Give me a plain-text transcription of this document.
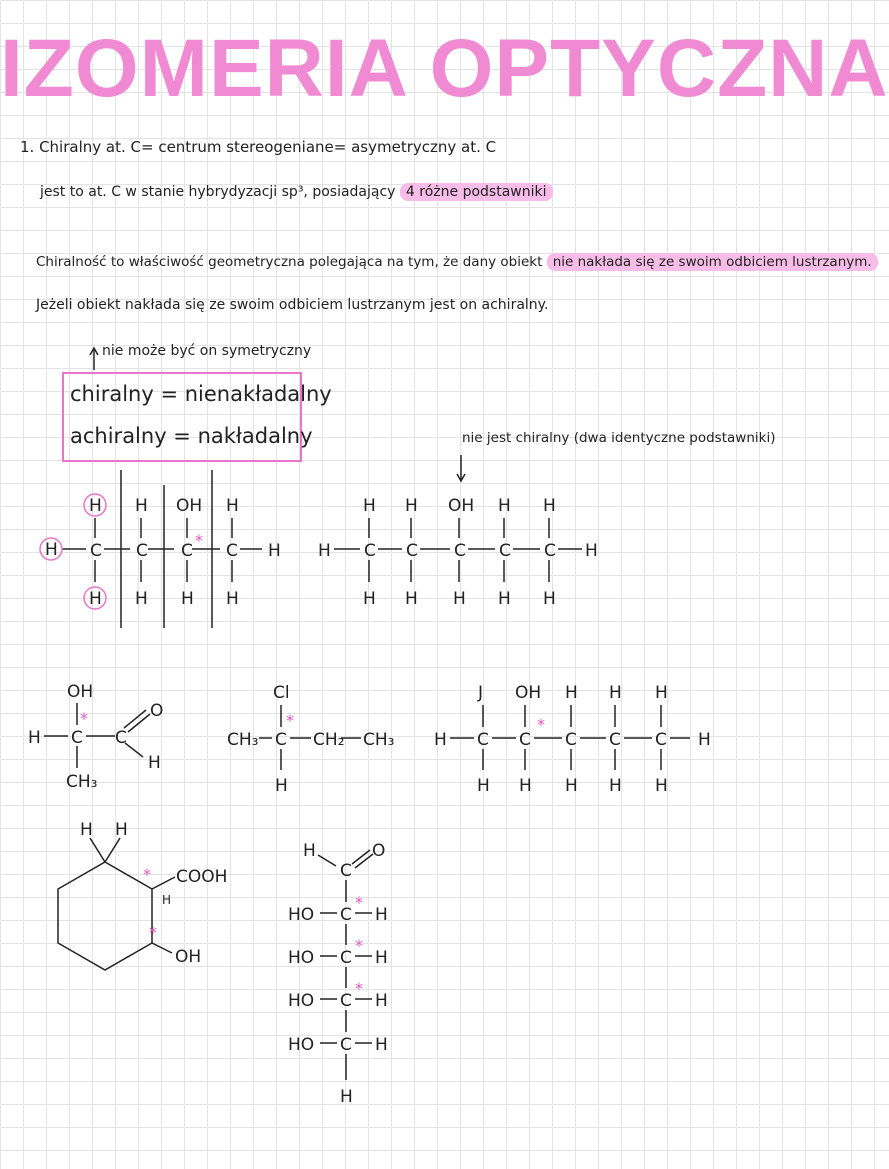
IZOMERIA OPTYCZNA
1. Chiralny at. C= centrum stereogeniane= asymetryczny at. C
jest to at. C w stanie hybrydyzacji sp³, posiadający 4 różne podstawniki
Chiralność to właściwość geometryczna polegająca na tym, że dany obiekt nie nakłada się ze swoim odbiciem lustrzanym.
Jeżeli obiekt nakłada się ze swoim odbiciem lustrzanym jest on achiralny.
nie może być on symetryczny
chiralny = nienakładalny
achiralny = nakładalny	nie jest chiralny (dwa identyczne podstawniki)
H
H
H
C
H
C
H
OH
C
H
H
C
H
H
*
H
H
C
H
H
C
H
OH
C
H
H
C
H
H
C
H
H
OH
H C C
O
H
CH₃
*
Cl
CH₃ C CH₂ CH₃
H
*
J OH H H H
H C C C C C H
H H H H H
*
H H
COOH
H
OH
*
*
H
C
O
HO C H
HO C H
HO C H
HO C H
H
*
*
*
